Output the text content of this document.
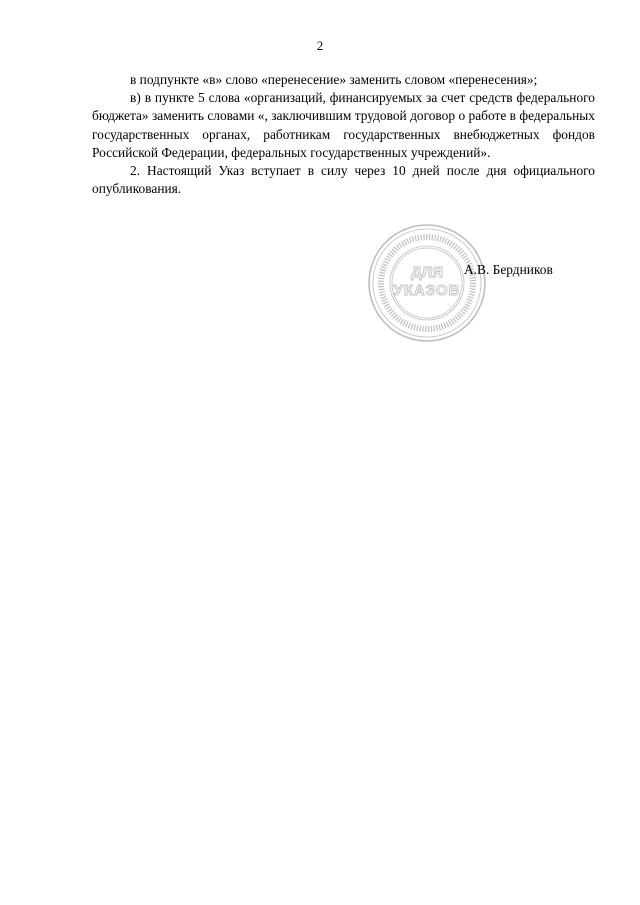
2

в подпункте «в» слово «перенесение» заменить словом «перенесения»;

в) в пункте 5 слова «организаций, финансируемых за счет средств федерального бюджета» заменить словами «, заключившим трудовой договор о работе в федеральных государственных органах, работникам государственных внебюджетных фондов Российской Федерации, федеральных государственных учреждений».

2. Настоящий Указ вступает в силу через 10 дней после дня официального опубликования.

ДЛЯ
УКАЗОВ
А.В. Бердников
